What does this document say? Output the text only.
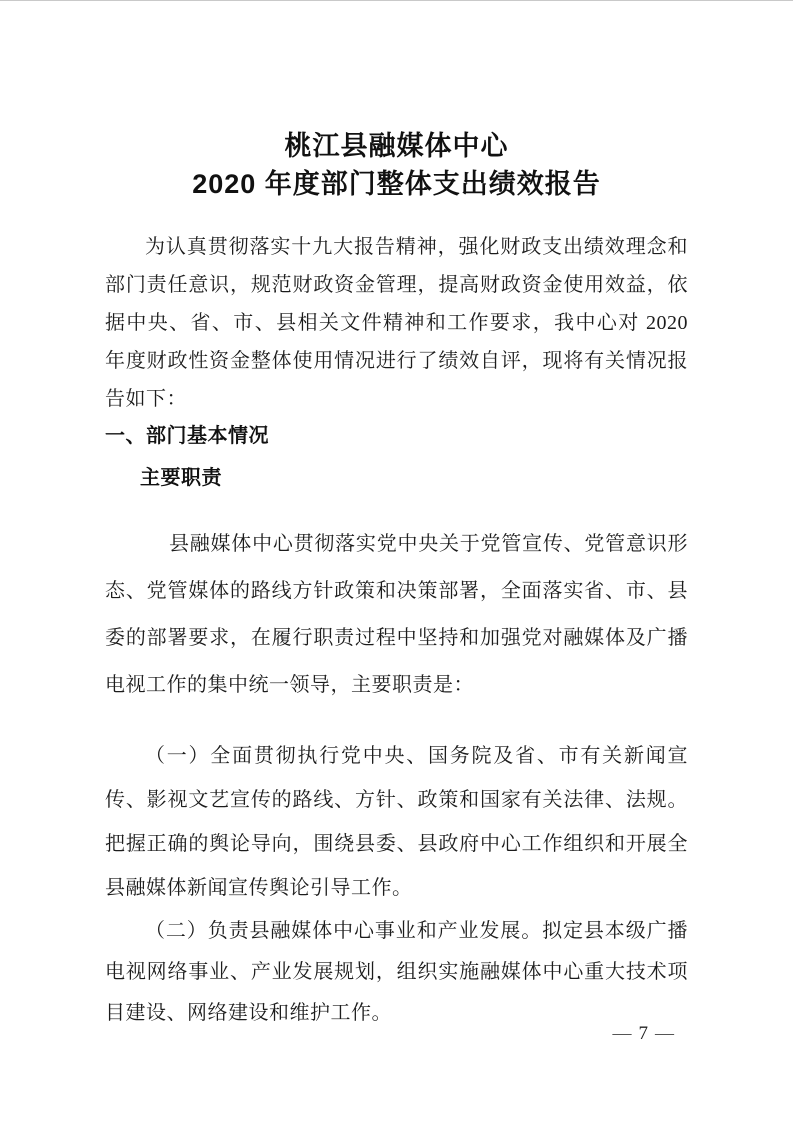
桃江县融媒体中心
2020 年度部门整体支出绩效报告

为认真贯彻落实十九大报告精神，强化财政支出绩效理念和部门责任意识，规范财政资金管理，提高财政资金使用效益，依据中央、省、市、县相关文件精神和工作要求，我中心对 2020 年度财政性资金整体使用情况进行了绩效自评，现将有关情况报告如下：

一、部门基本情况

主要职责

县融媒体中心贯彻落实党中央关于党管宣传、党管意识形态、党管媒体的路线方针政策和决策部署，全面落实省、市、县委的部署要求，在履行职责过程中坚持和加强党对融媒体及广播电视工作的集中统一领导，主要职责是：

（一）全面贯彻执行党中央、国务院及省、市有关新闻宣传、影视文艺宣传的路线、方针、政策和国家有关法律、法规。把握正确的舆论导向，围绕县委、县政府中心工作组织和开展全县融媒体新闻宣传舆论引导工作。

（二）负责县融媒体中心事业和产业发展。拟定县本级广播电视网络事业、产业发展规划，组织实施融媒体中心重大技术项目建设、网络建设和维护工作。

— 7 —
